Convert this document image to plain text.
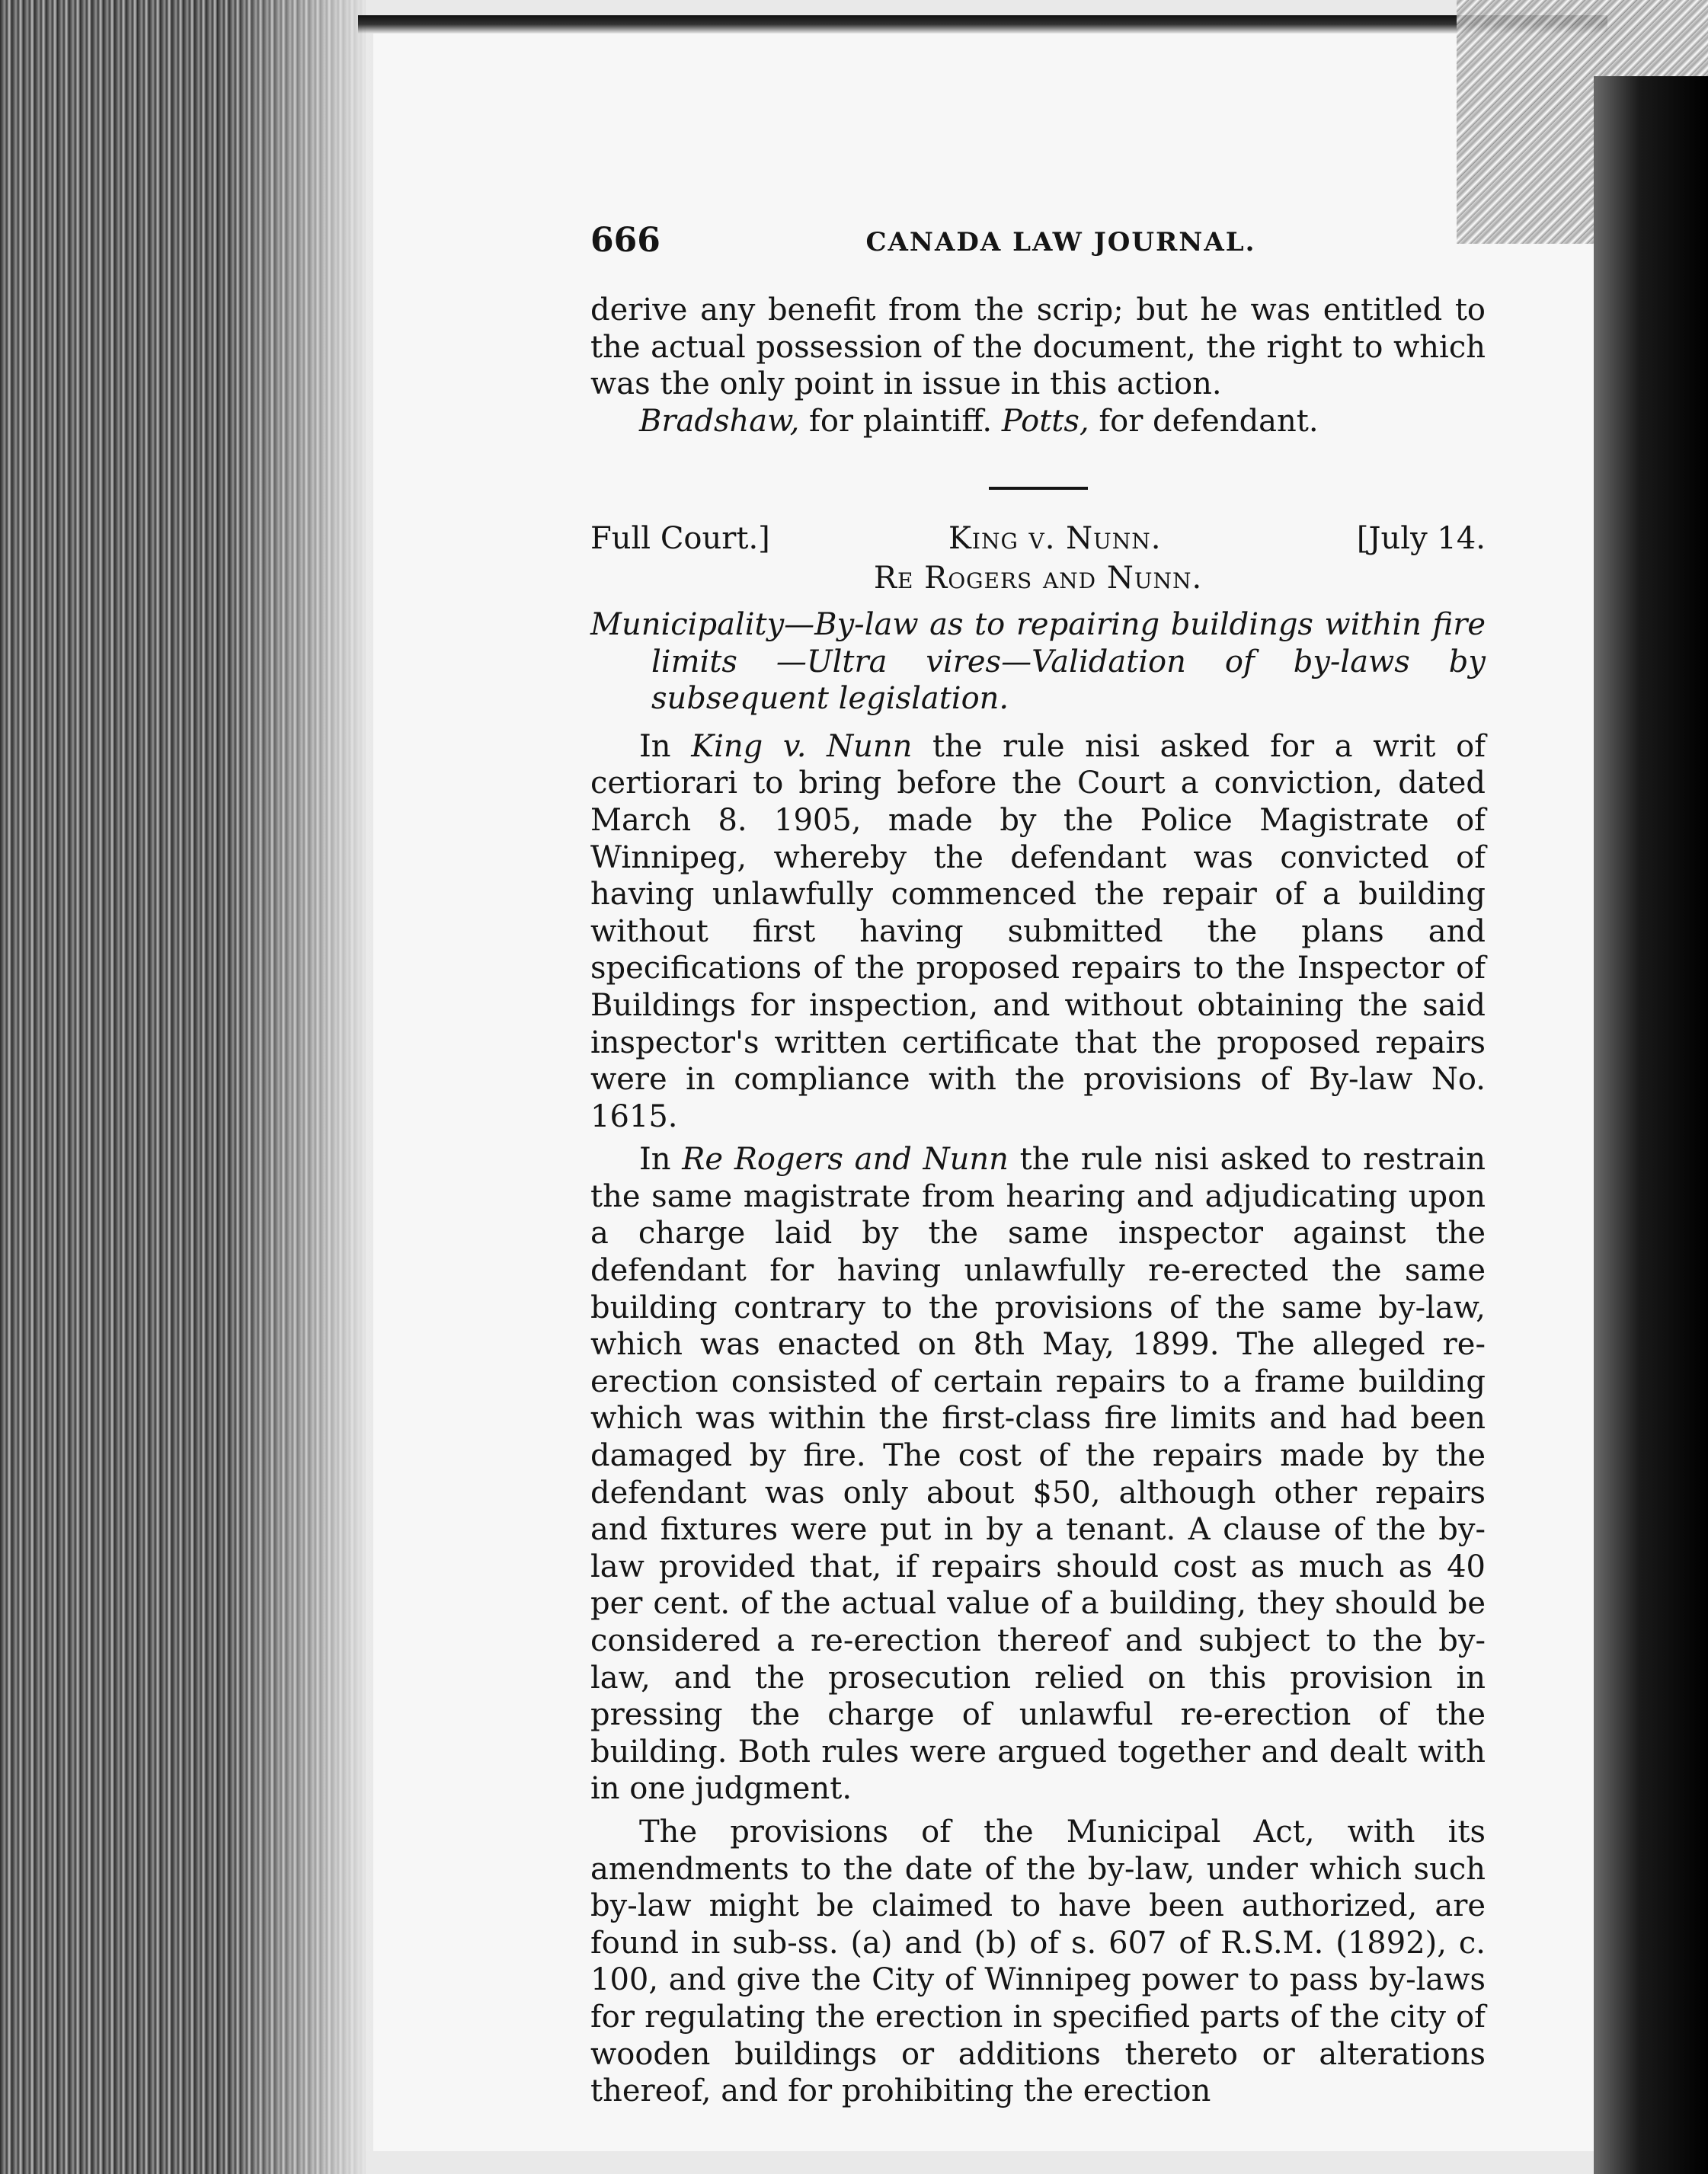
666	CANADA LAW JOURNAL.

derive any benefit from the scrip; but he was entitled to the actual possession of the document, the right to which was the only point in issue in this action.

Bradshaw, for plaintiff. Potts, for defendant.

Full Court.]	King v. Nunn.	[July 14.

Re Rogers and Nunn.

Municipality—By-law as to repairing buildings within fire limits —Ultra vires—Validation of by-laws by subsequent legislation.

In King v. Nunn the rule nisi asked for a writ of certiorari to bring before the Court a conviction, dated March 8. 1905, made by the Police Magistrate of Winnipeg, whereby the defendant was convicted of having unlawfully commenced the repair of a building without first having submitted the plans and specifications of the proposed repairs to the Inspector of Buildings for inspection, and without obtaining the said inspector's written certificate that the proposed repairs were in compliance with the provisions of By-law No. 1615.

In Re Rogers and Nunn the rule nisi asked to restrain the same magistrate from hearing and adjudicating upon a charge laid by the same inspector against the defendant for having unlawfully re-erected the same building contrary to the provisions of the same by-law, which was enacted on 8th May, 1899. The alleged re-erection consisted of certain repairs to a frame building which was within the first-class fire limits and had been damaged by fire. The cost of the repairs made by the defendant was only about $50, although other repairs and fixtures were put in by a tenant. A clause of the by-law provided that, if repairs should cost as much as 40 per cent. of the actual value of a building, they should be considered a re-erection thereof and subject to the by-law, and the prosecution relied on this provision in pressing the charge of unlawful re-erection of the building. Both rules were argued together and dealt with in one judgment.

The provisions of the Municipal Act, with its amendments to the date of the by-law, under which such by-law might be claimed to have been authorized, are found in sub-ss. (a) and (b) of s. 607 of R.S.M. (1892), c. 100, and give the City of Winnipeg power to pass by-laws for regulating the erection in specified parts of the city of wooden buildings or additions thereto or alterations thereof, and for prohibiting the erection
